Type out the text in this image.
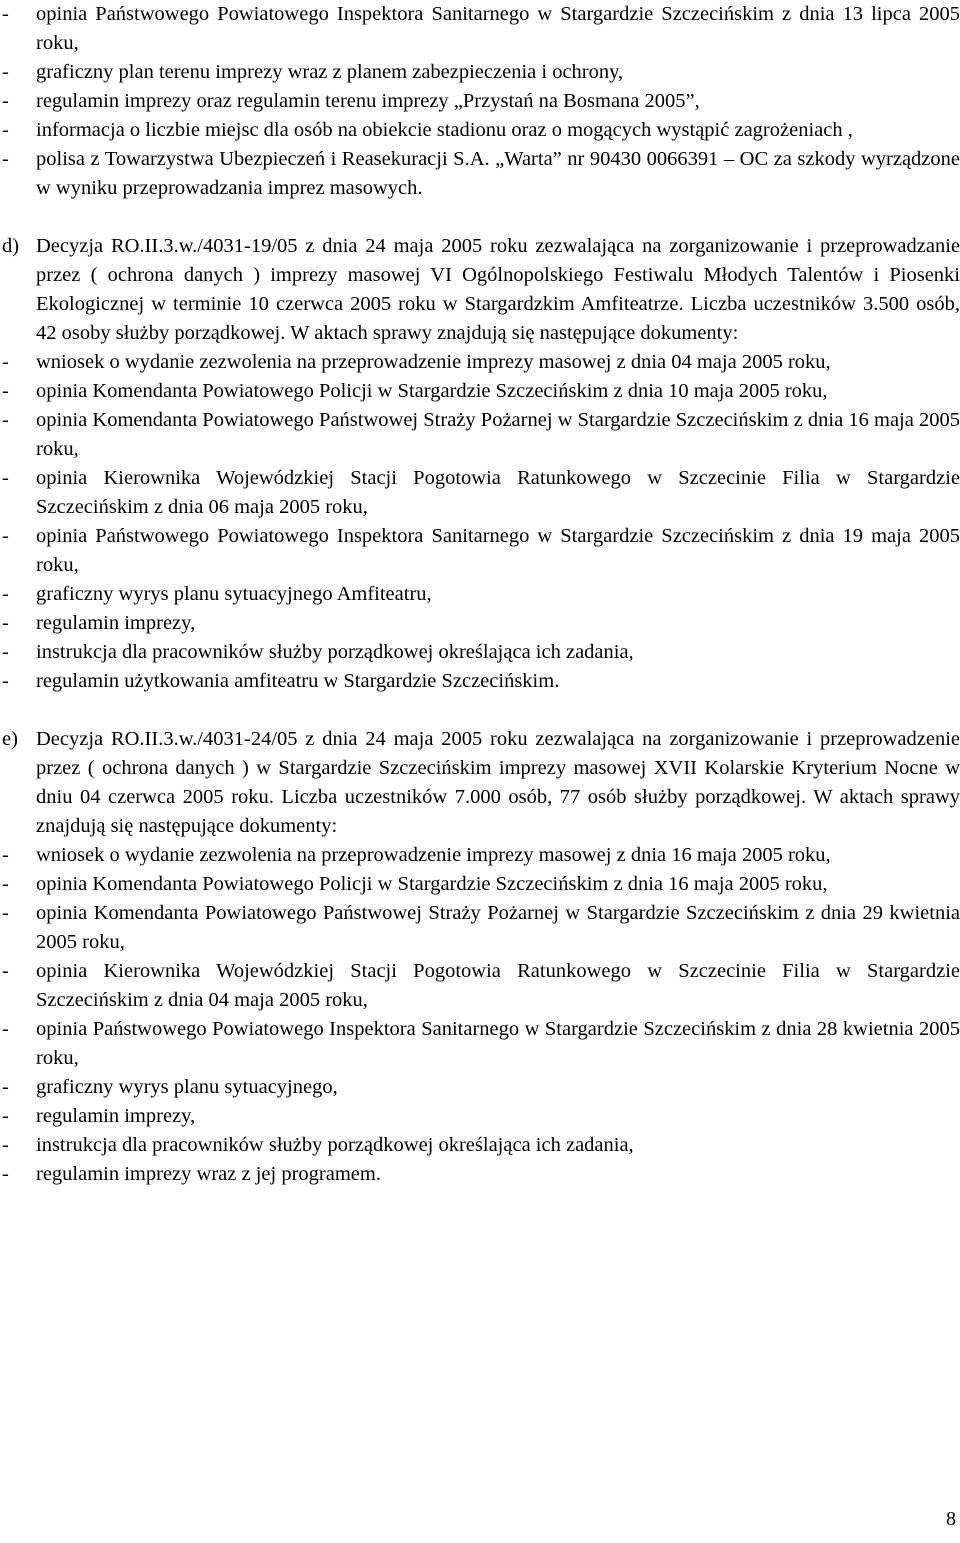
-	opinia Państwowego Powiatowego Inspektora Sanitarnego w Stargardzie Szczecińskim z dnia 13 lipca 2005 roku,
-	graficzny plan terenu imprezy wraz z planem zabezpieczenia i ochrony,
-	regulamin imprezy oraz regulamin terenu imprezy „Przystań na Bosmana 2005”,
-	informacja o liczbie miejsc dla osób na obiekcie stadionu oraz o mogących wystąpić zagrożeniach ,
-	polisa z Towarzystwa Ubezpieczeń i Reasekuracji S.A. „Warta” nr 90430 0066391 – OC za szkody wyrządzone w wyniku przeprowadzania imprez masowych.
d) Decyzja RO.II.3.w./4031-19/05 z dnia 24 maja 2005 roku zezwalająca na zorganizowanie i przeprowadzanie przez ( ochrona danych ) imprezy masowej VI Ogólnopolskiego Festiwalu Młodych Talentów i Piosenki Ekologicznej w terminie 10 czerwca 2005 roku w Stargardzkim Amfiteatrze. Liczba uczestników 3.500 osób, 42 osoby służby porządkowej. W aktach sprawy znajdują się następujące dokumenty:
-	wniosek o wydanie zezwolenia na przeprowadzenie imprezy masowej z dnia 04 maja 2005 roku,
-	opinia Komendanta Powiatowego Policji w Stargardzie Szczecińskim z dnia 10 maja 2005 roku,
-	opinia Komendanta Powiatowego Państwowej Straży Pożarnej w Stargardzie Szczecińskim z dnia 16 maja 2005 roku,
-	opinia Kierownika Wojewódzkiej Stacji Pogotowia Ratunkowego w Szczecinie Filia w Stargardzie Szczecińskim z dnia 06 maja 2005 roku,
-	opinia Państwowego Powiatowego Inspektora Sanitarnego w Stargardzie Szczecińskim z dnia 19 maja 2005 roku,
-	graficzny wyrys planu sytuacyjnego Amfiteatru,
-	regulamin imprezy,
-	instrukcja dla pracowników służby porządkowej określająca ich zadania,
-	regulamin użytkowania amfiteatru w Stargardzie Szczecińskim.
e) Decyzja RO.II.3.w./4031-24/05 z dnia 24 maja 2005 roku zezwalająca na zorganizowanie i przeprowadzenie przez ( ochrona danych ) w Stargardzie Szczecińskim imprezy masowej XVII Kolarskie Kryterium Nocne w dniu 04 czerwca 2005 roku. Liczba uczestników 7.000 osób, 77 osób służby porządkowej. W aktach sprawy znajdują się następujące dokumenty:
-	wniosek o wydanie zezwolenia na przeprowadzenie imprezy masowej z dnia 16 maja 2005 roku,
-	opinia Komendanta Powiatowego Policji w Stargardzie Szczecińskim z dnia 16 maja 2005 roku,
-	opinia Komendanta Powiatowego Państwowej Straży Pożarnej w Stargardzie Szczecińskim z dnia 29 kwietnia 2005 roku,
-	opinia Kierownika Wojewódzkiej Stacji Pogotowia Ratunkowego w Szczecinie Filia w Stargardzie Szczecińskim z dnia 04 maja 2005 roku,
-	opinia Państwowego Powiatowego Inspektora Sanitarnego w Stargardzie Szczecińskim z dnia 28 kwietnia 2005 roku,
-	graficzny wyrys planu sytuacyjnego,
-	regulamin imprezy,
-	instrukcja dla pracowników służby porządkowej określająca ich zadania,
-	regulamin imprezy wraz z jej programem.
8
